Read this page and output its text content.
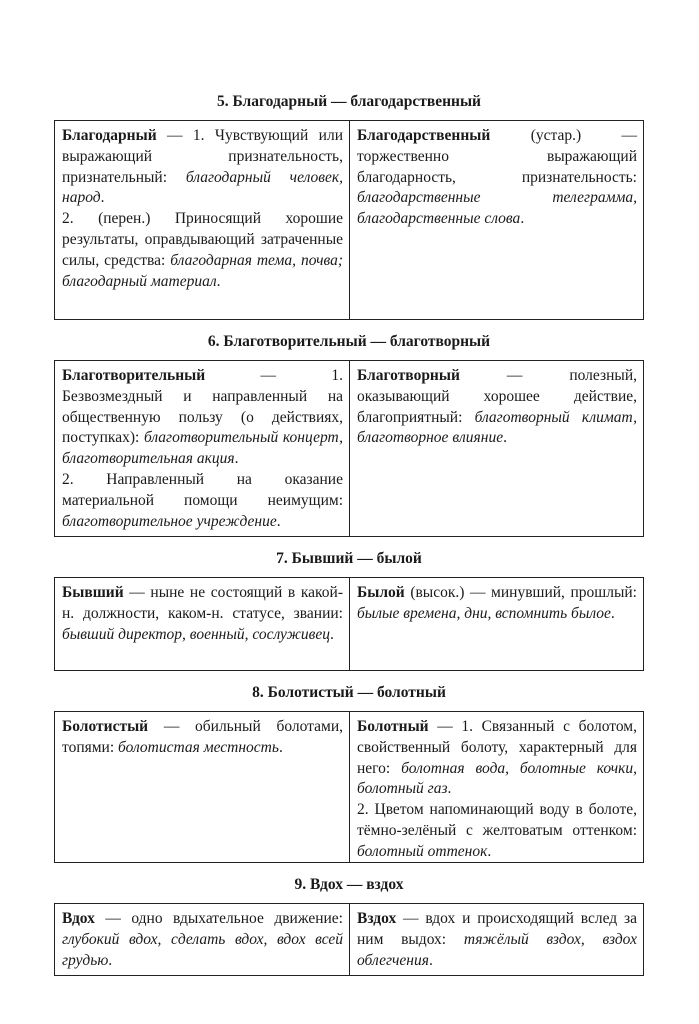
5. Благодарный — благодарственный

Благодарный — 1. Чувствующий или выражающий признательность, признательный: благодарный человек, народ.

2. (перен.) Приносящий хорошие результаты, оправдывающий затраченные силы, средства: благодарная тема, почва; благодарный материал.

Благодарственный (устар.) — торжественно выражающий благодарность, признательность: благодарственные телеграмма, благодарственные слова.

6. Благотворительный — благотворный

Благотворительный — 1. Безвозмездный и направленный на общественную пользу (о действиях, поступках): благотворительный концерт, благотворительная акция.

2. Направленный на оказание материальной помощи неимущим: благотворительное учреждение.

Благотворный — полезный, оказывающий хорошее действие, благоприятный: благотворный климат, благотворное влияние.

7. Бывший — былой

Бывший — ныне не состоящий в какой-н. должности, каком-н. статусе, звании: бывший директор, военный, сослуживец.

Былой (высок.) — минувший, прошлый: былые времена, дни, вспомнить былое.

8. Болотистый — болотный

Болотистый — обильный болотами, топями: болотистая местность.

Болотный — 1. Связанный с болотом, свойственный болоту, характерный для него: болотная вода, болотные кочки, болотный газ.

2. Цветом напоминающий воду в болоте, тёмно-зелёный с желтоватым оттенком: болотный оттенок.

9. Вдох — вздох

Вдох — одно вдыхательное движение: глубокий вдох, сделать вдох, вдох всей грудью.

Вздох — вдох и происходящий вслед за ним выдох: тяжёлый вздох, вздох облегчения.
